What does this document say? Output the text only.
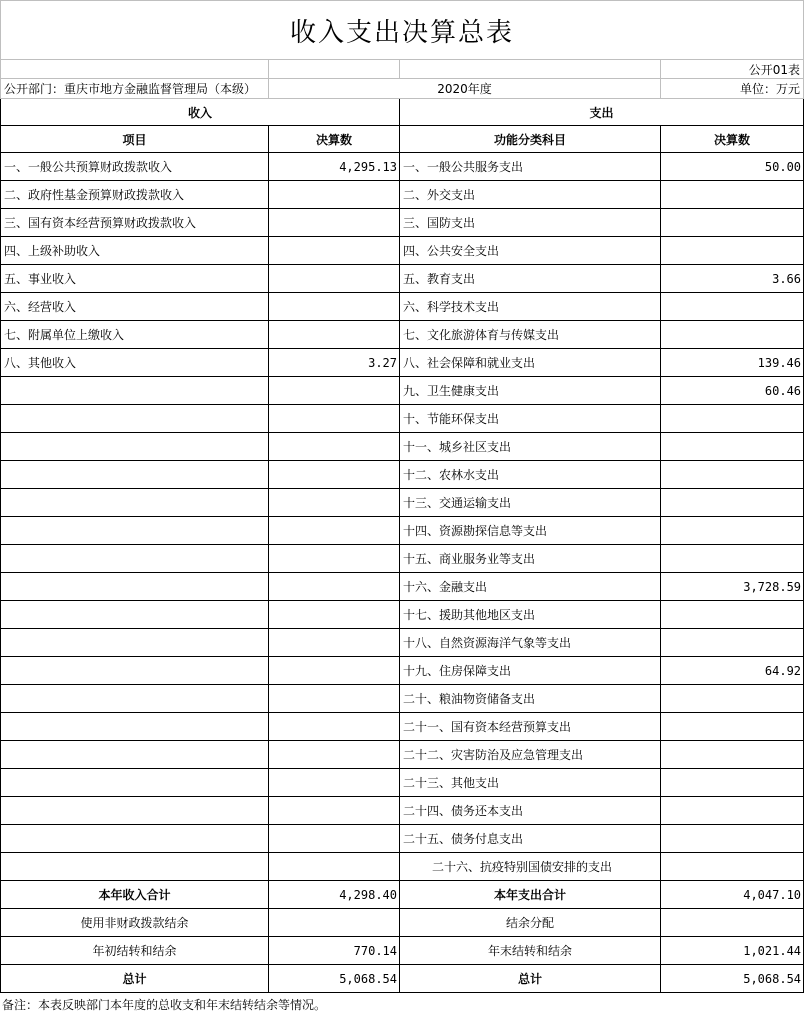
收入支出决算总表			
			公开01表
公开部门：重庆市地方金融监督管理局（本级）	2020年度		单位：万元
收入		支出	
项目	决算数	功能分类科目	决算数
一、一般公共预算财政拨款收入	4,295.13	一、一般公共服务支出	50.00
二、政府性基金预算财政拨款收入		二、外交支出	
三、国有资本经营预算财政拨款收入		三、国防支出	
四、上级补助收入		四、公共安全支出	
五、事业收入		五、教育支出	3.66
六、经营收入		六、科学技术支出	
七、附属单位上缴收入		七、文化旅游体育与传媒支出	
八、其他收入	3.27	八、社会保障和就业支出	139.46
		九、卫生健康支出	60.46
		十、节能环保支出	
		十一、城乡社区支出	
		十二、农林水支出	
		十三、交通运输支出	
		十四、资源勘探信息等支出	
		十五、商业服务业等支出	
		十六、金融支出	3,728.59
		十七、援助其他地区支出	
		十八、自然资源海洋气象等支出	
		十九、住房保障支出	64.92
		二十、粮油物资储备支出	
		二十一、国有资本经营预算支出	
		二十二、灾害防治及应急管理支出	
		二十三、其他支出	
		二十四、债务还本支出	
		二十五、债务付息支出	
		二十六、抗疫特别国债安排的支出	
本年收入合计	4,298.40	本年支出合计	4,047.10
使用非财政拨款结余		结余分配	
年初结转和结余	770.14	年末结转和结余	1,021.44
总计	5,068.54	总计	5,068.54
备注：本表反映部门本年度的总收支和年末结转结余等情况。
